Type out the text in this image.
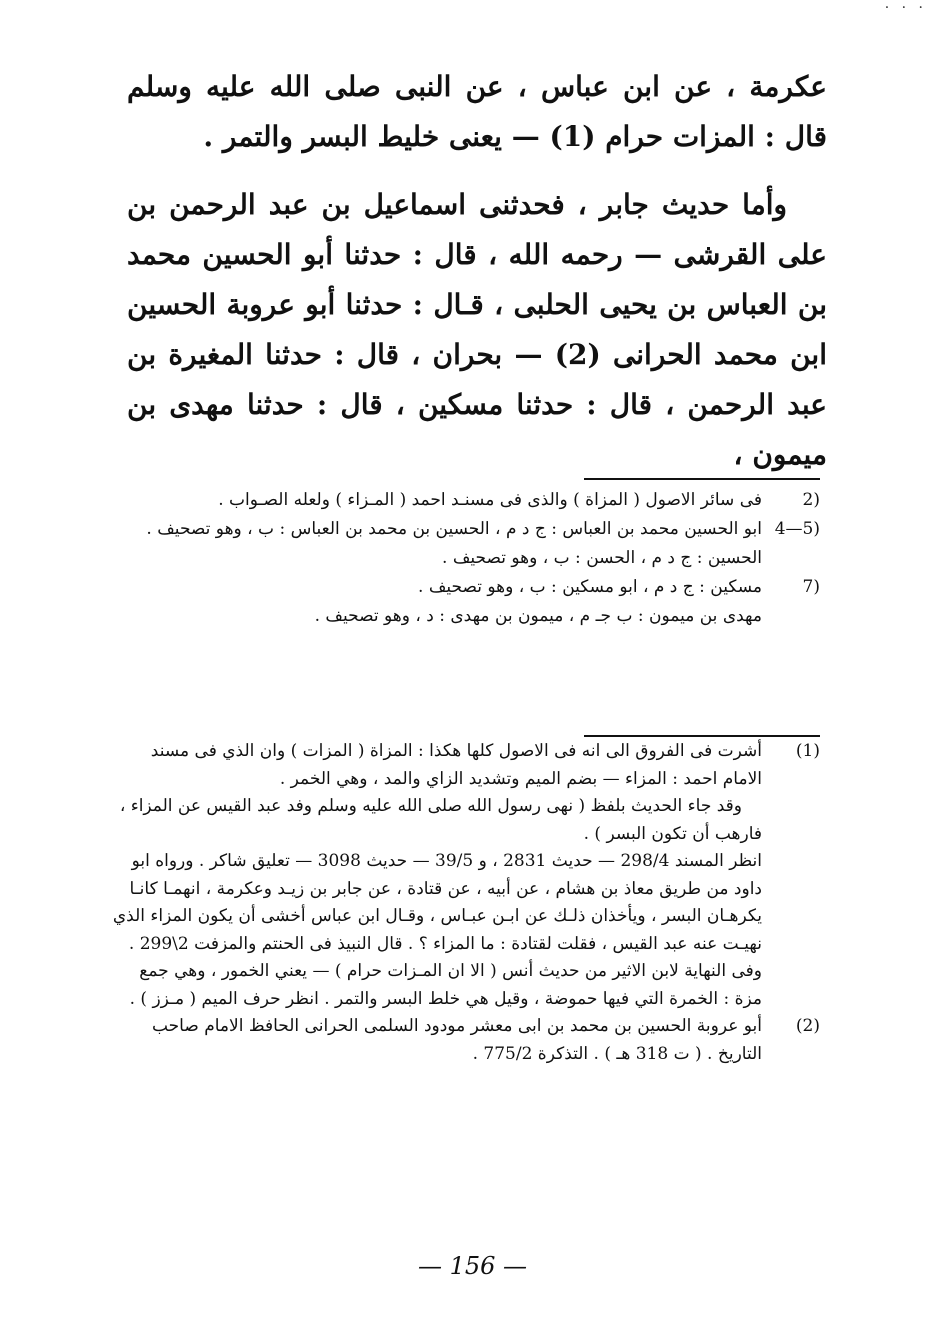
· · ·

عكرمة ، عن ابن عباس ، عن النبى صلى الله عليه وسلم قال : المزات حرام (1) — يعنى خليط البسر والتمر .

وأما حديث جابر ، فحدثنى اسماعيل بن عبد الرحمن بن على القرشى — رحمه الله ، قال : حدثنا أبو الحسين محمد بن العباس بن يحيى الحلبى ، قـال : حدثنا أبو عروبة الحسين ابن محمد الحرانى (2) — بحران ، قال : حدثنا المغيرة بن عبد الرحمن ، قال : حدثنا مسكين ، قال : حدثنا مهدى بن ميمون ،

2)

فى سائر الاصول ( المزاة ) والذى فى مسنـد احمد ( المـزاء ) ولعله الصـواب .

4—5)

ابو الحسين محمد بن العباس : ج د م ، الحسين بن محمد بن العباس : ب ، وهو تصحيف .

الحسين : ج د م ، الحسن : ب ، وهو تصحيف .

7)

مسكين : ج د م ، ابو مسكين : ب ، وهو تصحيف .

مهدى بن ميمون : ب جـ م ، ميمون بن مهدى : د ، وهو تصحيف .

(1)

أشرت فى الفروق الى انه فى الاصول كلها هكذا : المزاة ( المزات ) وان الذي فى مسند الامام احمد : المزاء — بضم الميم وتشديد الزاي والمد ، وهي الخمر .

وقد جاء الحديث بلفظ ( نهى رسول الله صلى الله عليه وسلم وفد عبد القيس عن المزاء ، فارهب أن تكون البسر ) .

انظر المسند 298/4 — حديث 2831 ، و 39/5 — حديث 3098 — تعليق شاكر . ورواه ابو داود من طريق معاذ بن هشام ، عن أبيه ، عن قتادة ، عن جابر بن زيـد وعكرمة ، انهمـا كانـا يكرهـان البسر ، ويأخذان ذلـك عن ابـن عبـاس ، وقـال ابن عباس أخشى أن يكون المزاء الذي نهيـت عنه عبد القيس ، فقلت لقتادة : ما المزاء ؟ . قال النبيذ فى الحنتم والمزفت 2\299 . وفى النهاية لابن الاثير من حديث أنس ( الا ان المـزات حرام ) — يعني الخمور ، وهي جمع مزة : الخمرة التي فيها حموضة ، وقيل هي خلط البسر والتمر . انظر حرف الميم ( مـزز ) .

(2)

أبو عروبة الحسين بن محمد بن ابى معشر مودود السلمى الحرانى الحافظ الامام صاحب التاريخ . ( ت 318 هـ ) . التذكرة 775/2 .

— 156 —
